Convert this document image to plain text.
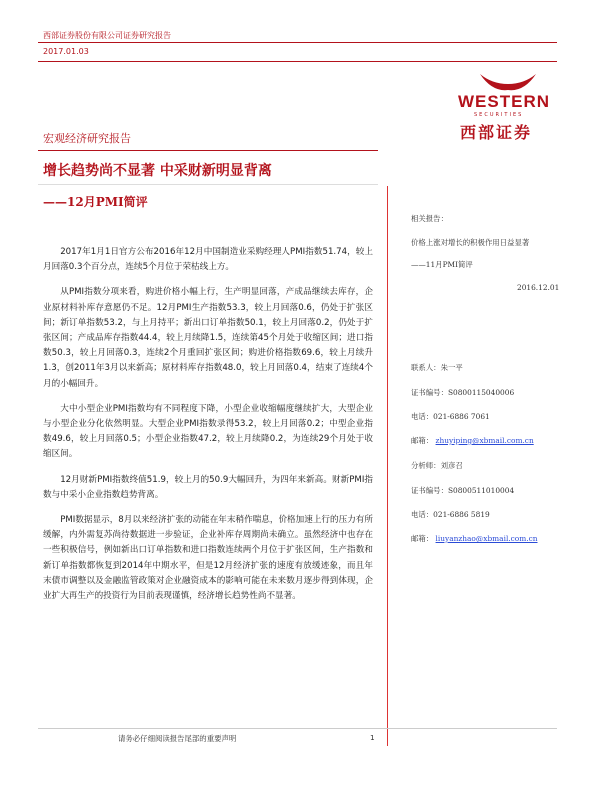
西部证券股份有限公司证券研究报告
2017.01.03
WESTERN
SECURITIES
西部证券
宏观经济研究报告
增长趋势尚不显著 中采财新明显背离
——12月PMI简评

2017年1月1日官方公布2016年12月中国制造业采购经理人PMI指数51.74，较上月回落0.3个百分点，连续5个月位于荣枯线上方。

从PMI指数分项来看，购进价格小幅上行，生产明显回落，产成品继续去库存，企业原材料补库存意愿仍不足。12月PMI生产指数53.3，较上月回落0.6，仍处于扩张区间；新订单指数53.2，与上月持平；新出口订单指数50.1，较上月回落0.2，仍处于扩张区间；产成品库存指数44.4，较上月续降1.5，连续第45个月处于收缩区间；进口指数50.3，较上月回落0.3，连续2个月重回扩张区间；购进价格指数69.6，较上月续升1.3，创2011年3月以来新高；原材料库存指数48.0，较上月回落0.4，结束了连续4个月的小幅回升。

大中小型企业PMI指数均有不同程度下降，小型企业收缩幅度继续扩大，大型企业与小型企业分化依然明显。大型企业PMI指数录得53.2，较上月回落0.2；中型企业指数49.6，较上月回落0.5；小型企业指数47.2，较上月续降0.2，为连续29个月处于收缩区间。

12月财新PMI指数终值51.9，较上月的50.9大幅回升，为四年来新高。财新PMI指数与中采小企业指数趋势背离。

PMI数据显示，8月以来经济扩张的动能在年末稍作喘息，价格加速上行的压力有所缓解，内外需复苏尚待数据进一步验证，企业补库存周期尚未确立。虽然经济中也存在一些积极信号，例如新出口订单指数和进口指数连续两个月位于扩张区间，生产指数和新订单指数都恢复到2014年中期水平，但是12月经济扩张的速度有放缓迹象，而且年末债市调整以及金融监管政策对企业融资成本的影响可能在未来数月逐步得到体现，企业扩大再生产的投资行为目前表现谨慎，经济增长趋势性尚不显著。

相关报告：
价格上涨对增长的积极作用日益显著
——11月PMI简评
2016.12.01
联系人：朱一平
证书编号：S0800115040006
电话：021-6886 7061
邮箱： zhuyiping@xbmail.com.cn
分析师：刘彦召
证书编号：S0800511010004
电话：021-6886 5819
邮箱： liuyanzhao@xbmail.com.cn
请务必仔细阅读报告尾部的重要声明	1
